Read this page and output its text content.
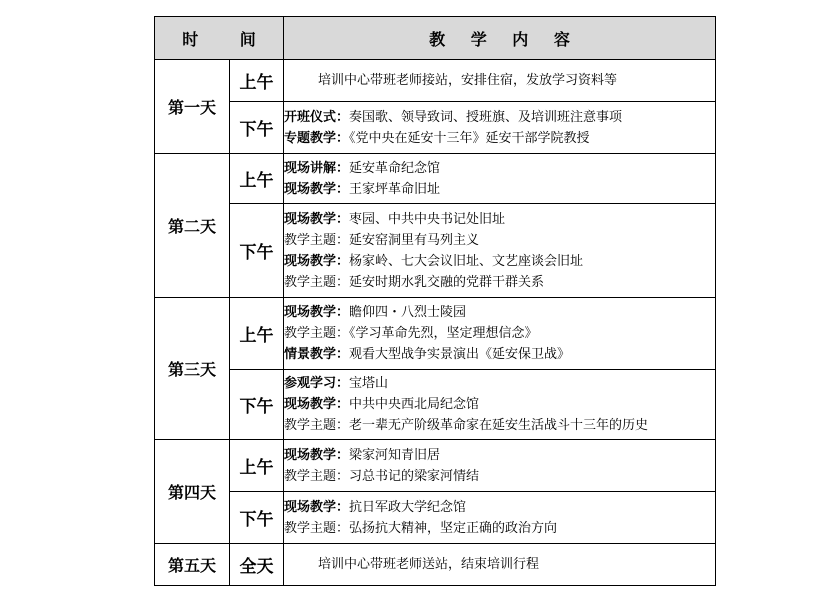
时 间		教 学 内 容
第一天	上午	培训中心带班老师接站，安排住宿，发放学习资料等

	下午	开班仪式：奏国歌、领导致词、授班旗、及培训班注意事项
专题教学：《党中央在延安十三年》延安干部学院教授

第二天	上午	现场讲解：延安革命纪念馆
现场教学：王家坪革命旧址

	下午	现场教学：枣园、中共中央书记处旧址
教学主题：延安窑洞里有马列主义
现场教学：杨家岭、七大会议旧址、文艺座谈会旧址
教学主题：延安时期水乳交融的党群干群关系

第三天	上午	现场教学：瞻仰四・八烈士陵园
教学主题：《学习革命先烈，坚定理想信念》
情景教学：观看大型战争实景演出《延安保卫战》

	下午	参观学习：宝塔山
现场教学：中共中央西北局纪念馆
教学主题：老一辈无产阶级革命家在延安生活战斗十三年的历史

第四天	上午	现场教学：梁家河知青旧居
教学主题：习总书记的梁家河情结

	下午	现场教学：抗日军政大学纪念馆
教学主题：弘扬抗大精神，坚定正确的政治方向

第五天	全天	培训中心带班老师送站，结束培训行程
